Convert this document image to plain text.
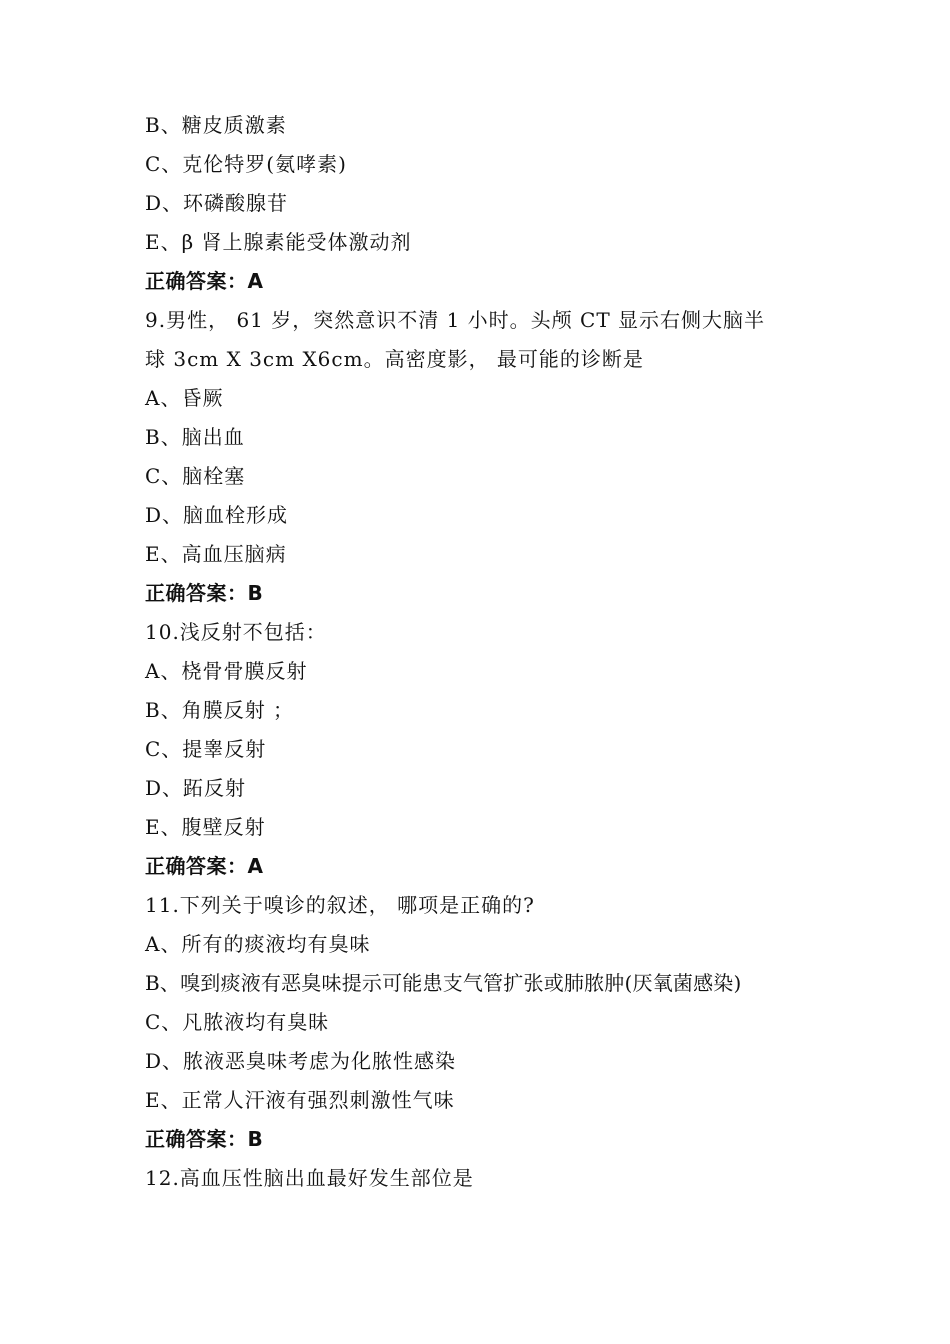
B、糖皮质激素
C、克伦特罗(氨哮素)
D、环磷酸腺苷
E、β 肾上腺素能受体激动剂
正确答案：A
9.男性， 61 岁，突然意识不清 1 小时。头颅 CT 显示右侧大脑半
球 3cm X 3cm X6cm。高密度影， 最可能的诊断是
A、昏厥
B、脑出血
C、脑栓塞
D、脑血栓形成
E、高血压脑病
正确答案：B
10.浅反射不包括：
A、桡骨骨膜反射
B、角膜反射 ；
C、提睾反射
D、跖反射
E、腹壁反射
正确答案：A
11.下列关于嗅诊的叙述， 哪项是正确的?
A、所有的痰液均有臭味
B、嗅到痰液有恶臭味提示可能患支气管扩张或肺脓肿(厌氧菌感染)
C、凡脓液均有臭昧
D、脓液恶臭味考虑为化脓性感染
E、正常人汗液有强烈刺激性气味
正确答案：B
12.高血压性脑出血最好发生部位是
